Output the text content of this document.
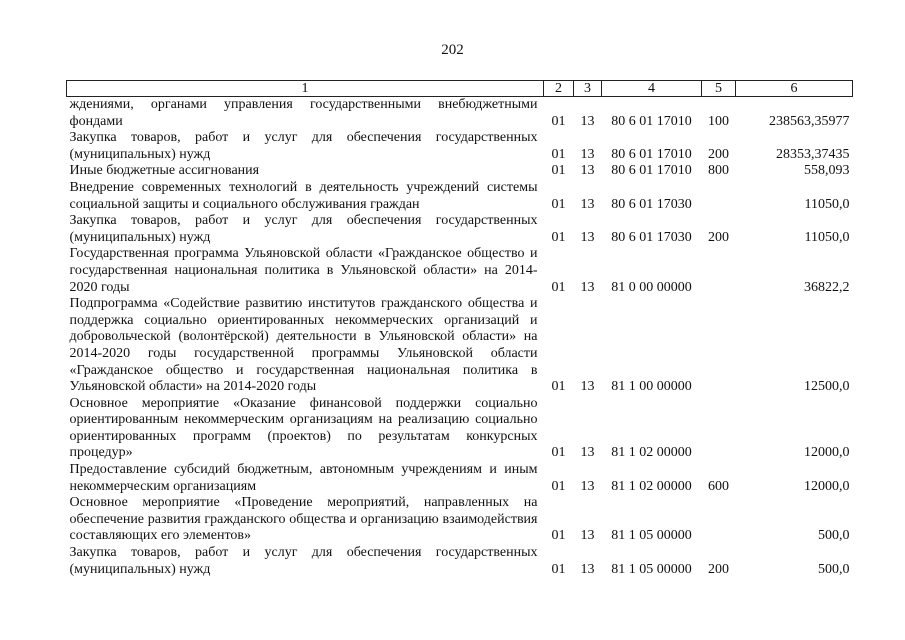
202
1	2	3	4	5	6
ждениями, органами управления государственными внебюджетными фондами	01	13	80 6 01 17010	100	238563,35977
Закупка товаров, работ и услуг для обеспечения государственных (муниципальных) нужд	01	13	80 6 01 17010	200	28353,37435
Иные бюджетные ассигнования	01	13	80 6 01 17010	800	558,093
Внедрение современных технологий в деятельность учреждений системы социальной защиты и социального обслуживания граждан	01	13	80 6 01 17030		11050,0
Закупка товаров, работ и услуг для обеспечения государственных (муниципальных) нужд	01	13	80 6 01 17030	200	11050,0
Государственная программа Ульяновской области «Гражданское общество и государственная национальная политика в Ульяновской области» на 2014-2020 годы	01	13	81 0 00 00000		36822,2
Подпрограмма «Содействие развитию институтов гражданского общества и поддержка социально ориентированных некоммерческих организаций и добровольческой (волонтёрской) деятельности в Ульяновской области» на 2014-2020 годы государственной программы Ульяновской области «Гражданское общество и государственная национальная политика в Ульяновской области» на 2014-2020 годы	01	13	81 1 00 00000		12500,0
Основное мероприятие «Оказание финансовой поддержки социально ориентированным некоммерческим организациям на реализацию социально ориентированных программ (проектов) по результатам конкурсных процедур»	01	13	81 1 02 00000		12000,0
Предоставление субсидий бюджетным, автономным учреждениям и иным некоммерческим организациям	01	13	81 1 02 00000	600	12000,0
Основное мероприятие «Проведение мероприятий, направленных на обеспечение развития гражданского общества и организацию взаимодействия составляющих его элементов»	01	13	81 1 05 00000		500,0
Закупка товаров, работ и услуг для обеспечения государственных (муниципальных) нужд	01	13	81 1 05 00000	200	500,0
